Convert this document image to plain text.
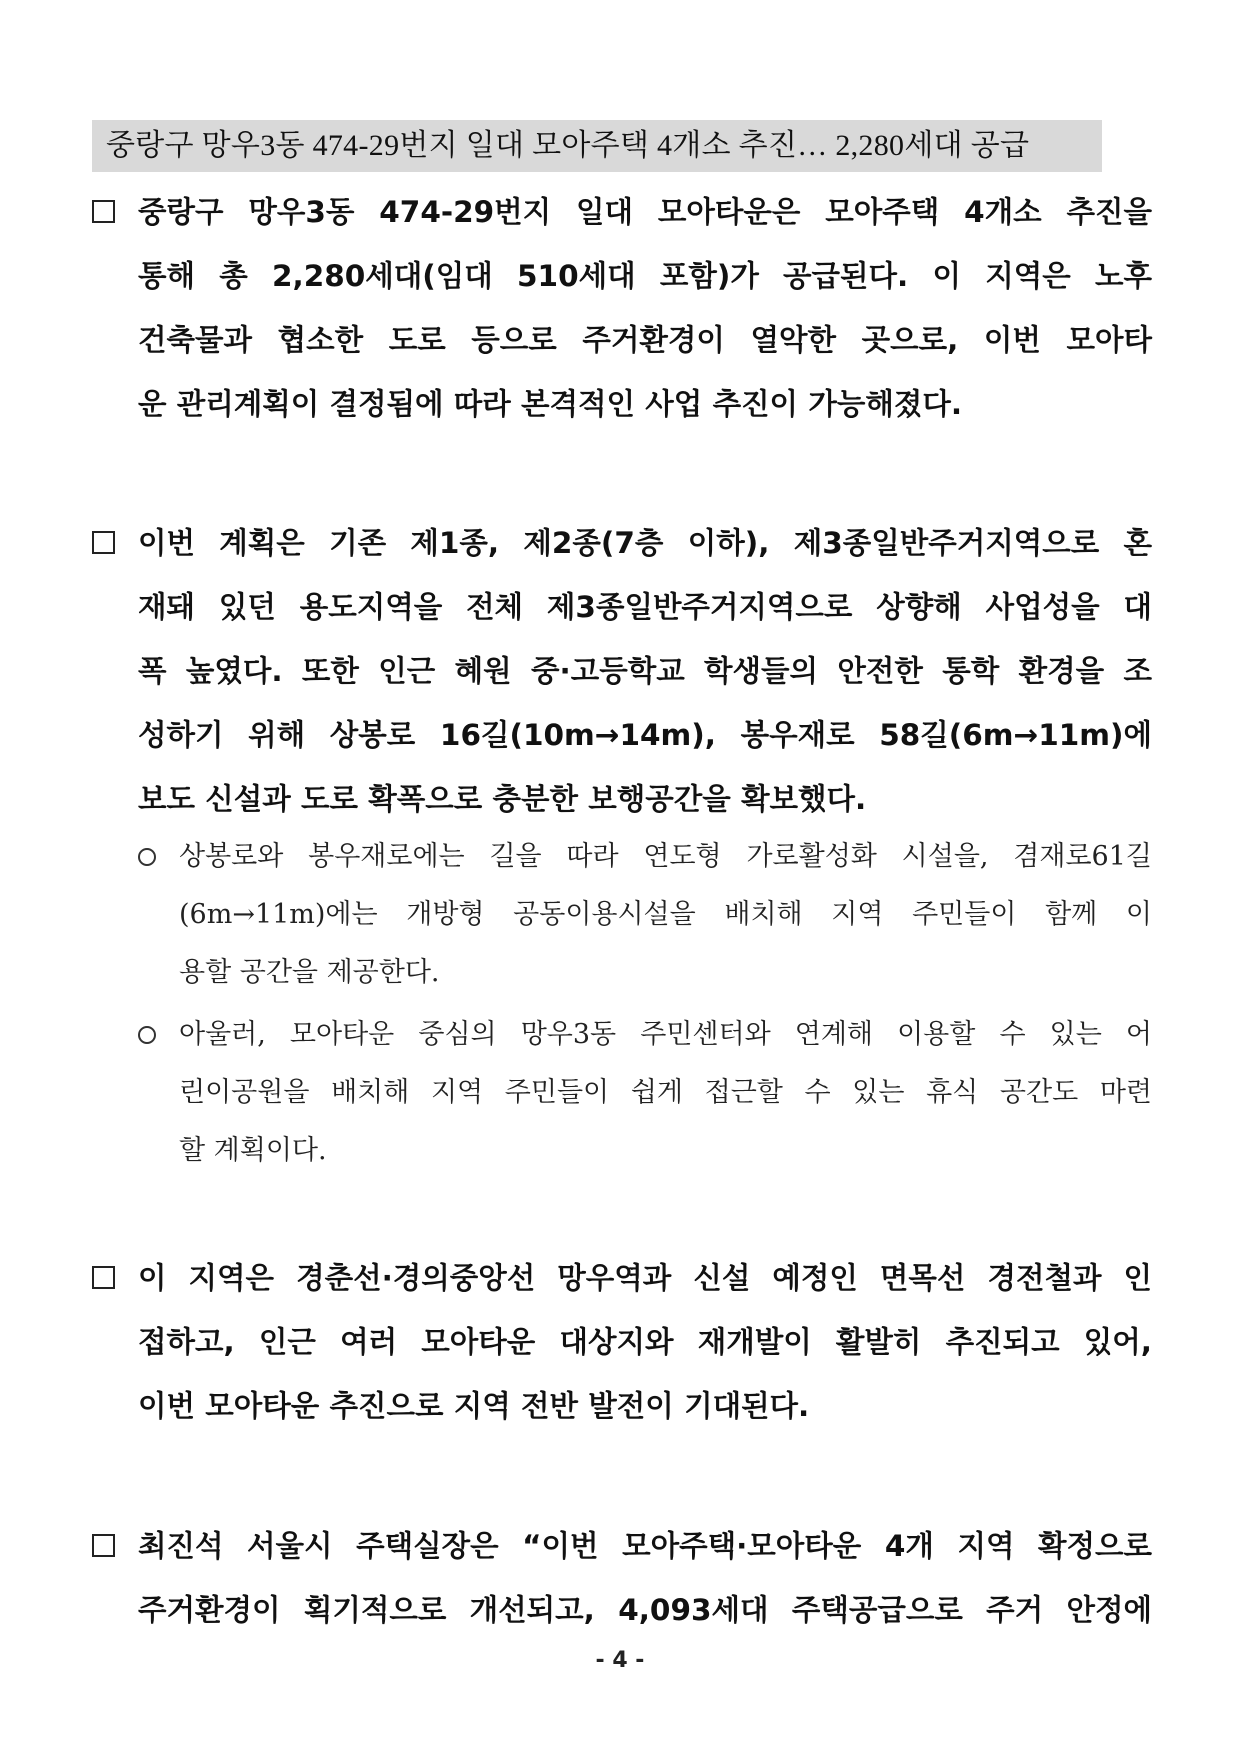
중랑구 망우3동 474-29번지 일대 모아주택 4개소 추진… 2,280세대 공급
중랑구 망우3동 474-29번지 일대 모아타운은 모아주택 4개소 추진을
통해 총 2,280세대(임대 510세대 포함)가 공급된다. 이 지역은 노후
건축물과 협소한 도로 등으로 주거환경이 열악한 곳으로, 이번 모아타
운 관리계획이 결정됨에 따라 본격적인 사업 추진이 가능해졌다.
이번 계획은 기존 제1종, 제2종(7층 이하), 제3종일반주거지역으로 혼
재돼 있던 용도지역을 전체 제3종일반주거지역으로 상향해 사업성을 대
폭 높였다. 또한 인근 혜원 중·고등학교 학생들의 안전한 통학 환경을 조
성하기 위해 상봉로 16길(10m→14m), 봉우재로 58길(6m→11m)에
보도 신설과 도로 확폭으로 충분한 보행공간을 확보했다.
상봉로와 봉우재로에는 길을 따라 연도형 가로활성화 시설을, 겸재로61길
(6m→11m)에는 개방형 공동이용시설을 배치해 지역 주민들이 함께 이
용할 공간을 제공한다.
아울러, 모아타운 중심의 망우3동 주민센터와 연계해 이용할 수 있는 어
린이공원을 배치해 지역 주민들이 쉽게 접근할 수 있는 휴식 공간도 마련
할 계획이다.
이 지역은 경춘선·경의중앙선 망우역과 신설 예정인 면목선 경전철과 인
접하고, 인근 여러 모아타운 대상지와 재개발이 활발히 추진되고 있어,
이번 모아타운 추진으로 지역 전반 발전이 기대된다.
최진석 서울시 주택실장은 “이번 모아주택·모아타운 4개 지역 확정으로
주거환경이 획기적으로 개선되고, 4,093세대 주택공급으로 주거 안정에
- 4 -
